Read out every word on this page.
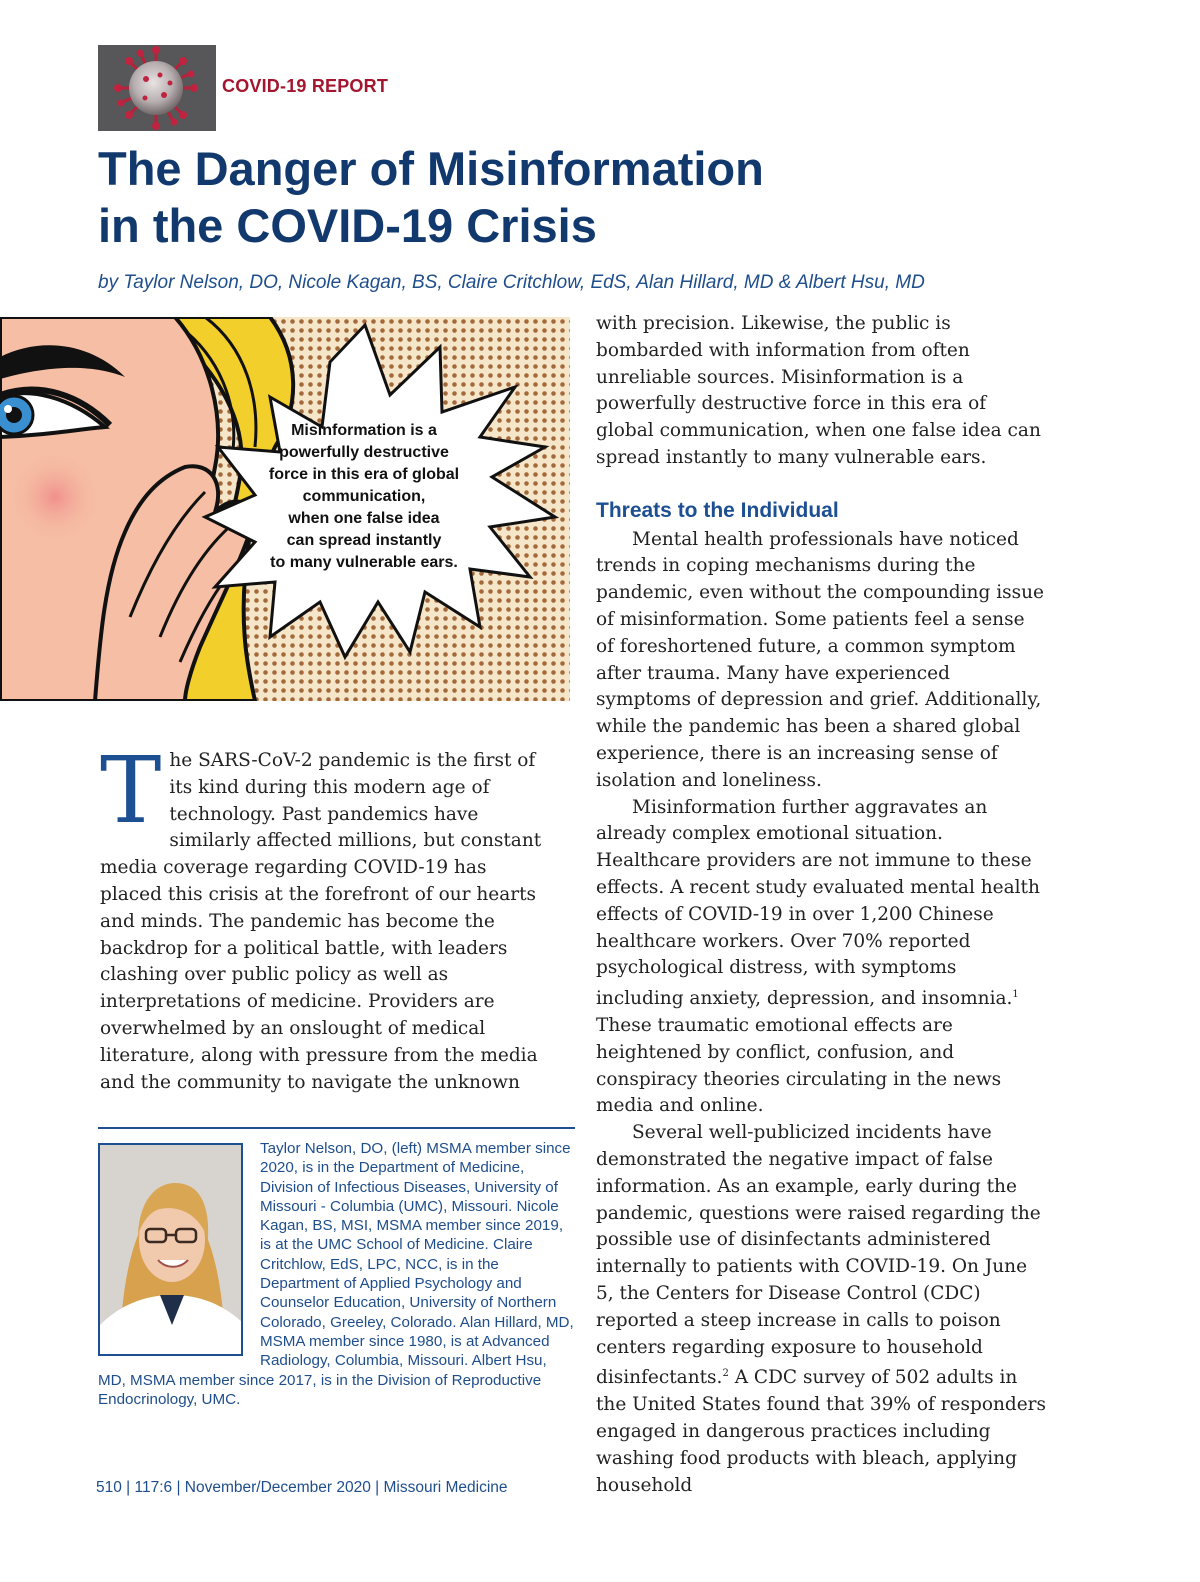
COVID-19 REPORT
The Danger of Misinformation
in the COVID-19 Crisis
by Taylor Nelson, DO, Nicole Kagan, BS, Claire Critchlow, EdS, Alan Hillard, MD & Albert Hsu, MD
Misinformation is a
powerfully destructive
force in this era of global
communication,
when one false idea
can spread instantly
to many vulnerable ears.
T he SARS-CoV-2 pandemic is the first of its kind during this modern age of technology. Past pandemics have similarly affected millions, but constant media coverage regarding COVID-19 has placed this crisis at the forefront of our hearts and minds. The pandemic has become the backdrop for a political battle, with leaders clashing over public policy as well as interpretations of medicine. Providers are overwhelmed by an onslought of medical literature, along with pressure from the media and the community to navigate the unknown

with precision. Likewise, the public is bombarded with information from often unreliable sources. Misinformation is a powerfully destructive force in this era of global communication, when one false idea can spread instantly to many vulnerable ears.

Threats to the Individual

Mental health professionals have noticed trends in coping mechanisms during the pandemic, even without the compounding issue of misinformation. Some patients feel a sense of foreshortened future, a common symptom after trauma. Many have experienced symptoms of depression and grief. Additionally, while the pandemic has been a shared global experience, there is an increasing sense of isolation and loneliness.

Misinformation further aggravates an already complex emotional situation. Healthcare providers are not immune to these effects. A recent study evaluated mental health effects of COVID-19 in over 1,200 Chinese healthcare workers. Over 70% reported psychological distress, with symptoms including anxiety, depression, and insomnia.$^1$ These traumatic emotional effects are heightened by conflict, confusion, and conspiracy theories circulating in the news media and online.

Several well-publicized incidents have demonstrated the negative impact of false information. As an example, early during the pandemic, questions were raised regarding the possible use of disinfectants administered internally to patients with COVID-19. On June 5, the Centers for Disease Control (CDC) reported a steep increase in calls to poison centers regarding exposure to household disinfectants.$^2$ A CDC survey of 502 adults in the United States found that 39% of responders engaged in dangerous practices including washing food products with bleach, applying household

Taylor Nelson, DO, (left) MSMA member since 2020, is in the Department of Medicine, Division of Infectious Diseases, University of Missouri - Columbia (UMC), Missouri. Nicole Kagan, BS, MSI, MSMA member since 2019, is at the UMC School of Medicine. Claire Critchlow, EdS, LPC, NCC, is in the Department of Applied Psychology and Counselor Education, University of Northern Colorado, Greeley, Colorado. Alan Hillard, MD, MSMA member since 1980, is at Advanced Radiology, Columbia, Missouri. Albert Hsu, MD, MSMA member since 2017, is in the Division of Reproductive Endocrinology, UMC.
510 | 117:6 | November/December 2020 | Missouri Medicine
